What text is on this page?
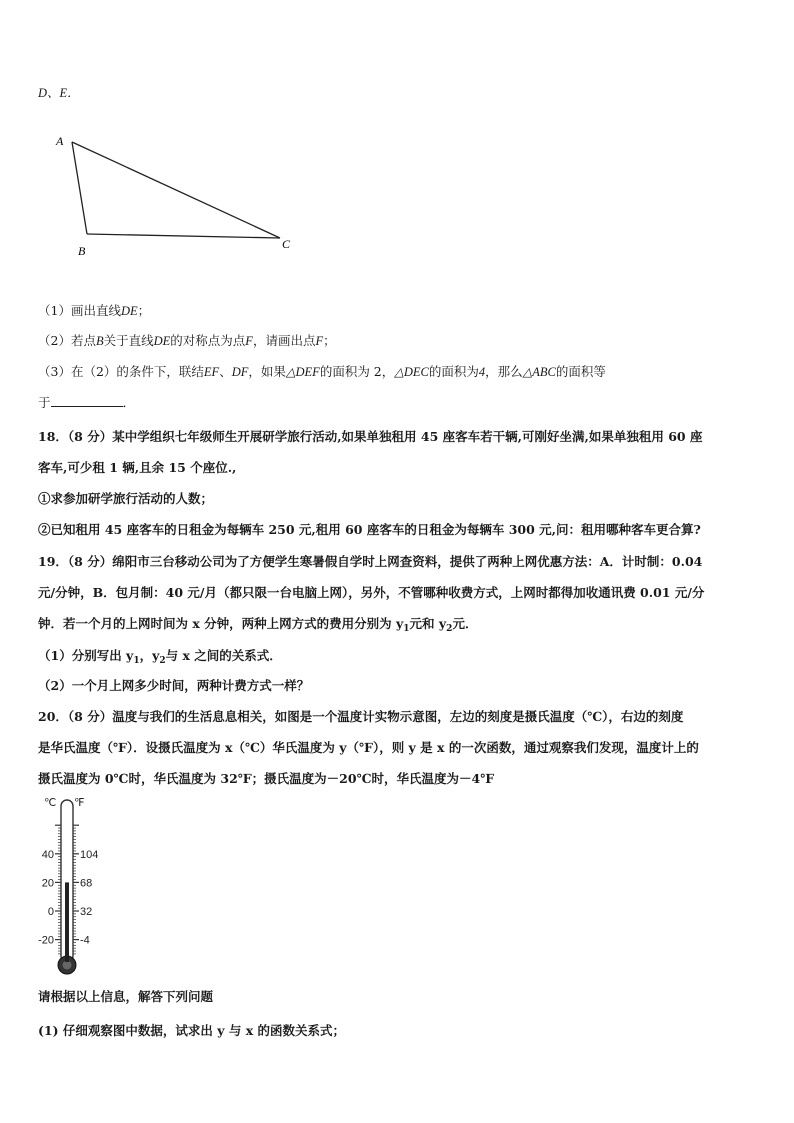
D、E．
A
B	C
（1）画出直线DE；
（2）若点B关于直线DE的对称点为点F，请画出点F；
（3）在（2）的条件下，联结EF、DF，如果△DEF的面积为 2，△DEC的面积为4，那么△ABC的面积等
于	．
18．（8 分）某中学组织七年级师生开展研学旅行活动,如果单独租用 45 座客车若干辆,可刚好坐满,如果单独租用 60 座
客车,可少租 1 辆,且余 15 个座位.,
①求参加研学旅行活动的人数；
②已知租用 45 座客车的日租金为每辆车 250 元,租用 60 座客车的日租金为每辆车 300 元,问：租用哪种客车更合算?
19．（8 分）绵阳市三台移动公司为了方便学生寒暑假自学时上网查资料，提供了两种上网优惠方法：A．计时制：0.04
元/分钟，B．包月制：40 元/月（都只限一台电脑上网），另外，不管哪种收费方式，上网时都得加收通讯费 0.01 元/分
钟．若一个月的上网时间为 x 分钟，两种上网方式的费用分别为 $y_1$元和 $y_2$元．
（1）分别写出 $y_1$，$y_2$与 x 之间的关系式．
（2）一个月上网多少时间，两种计费方式一样？
20．（8 分）温度与我们的生活息息相关，如图是一个温度计实物示意图，左边的刻度是摄氏温度（℃），右边的刻度
是华氏温度（℉）．设摄氏温度为 x（℃）华氏温度为 y（℉），则 y 是 x 的一次函数，通过观察我们发现，温度计上的
摄氏温度为 0℃时，华氏温度为 32℉；摄氏温度为－20℃时，华氏温度为－4℉
℃ ℉
40 104
20 68
0 32
-20 -4
请根据以上信息，解答下列问题
(1) 仔细观察图中数据，试求出 y 与 x 的函数关系式；
